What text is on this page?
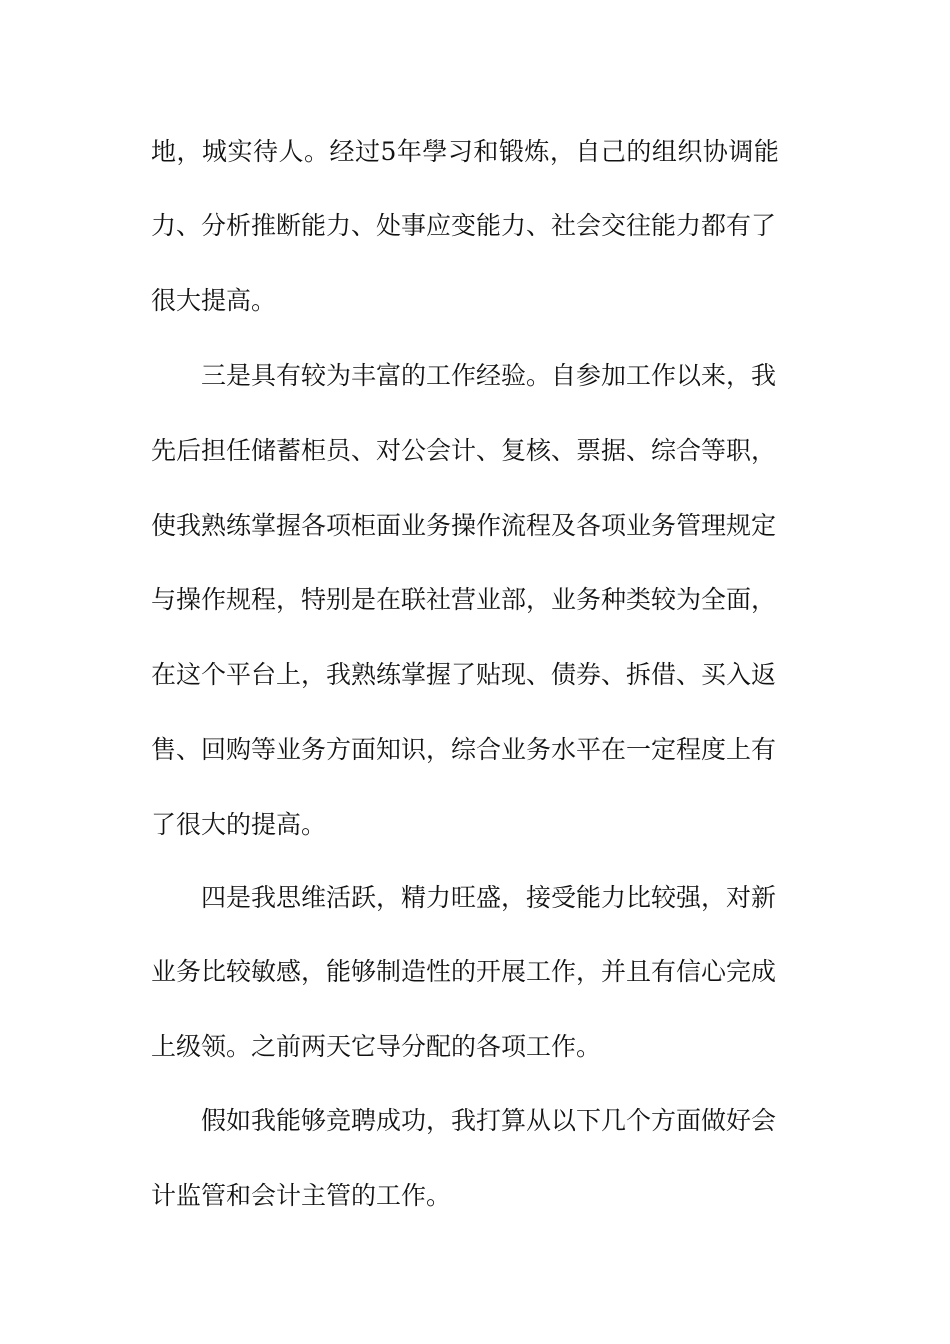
地，城实待人。经过5年學习和锻炼，自己的组织协调能
力、分析推断能力、处事应变能力、社会交往能力都有了
很大提高。
三是具有较为丰富的工作经验。自参加工作以来，我
先后担任储蓄柜员、对公会计、复核、票据、综合等职，
使我熟练掌握各项柜面业务操作流程及各项业务管理规定
与操作规程，特别是在联社营业部，业务种类较为全面，
在这个平台上，我熟练掌握了贴现、债券、拆借、买入返
售、回购等业务方面知识，综合业务水平在一定程度上有
了很大的提高。
四是我思维活跃，精力旺盛，接受能力比较强，对新
业务比较敏感，能够制造性的开展工作，并且有信心完成
上级领。之前两天它导分配的各项工作。
假如我能够竞聘成功，我打算从以下几个方面做好会
计监管和会计主管的工作。
